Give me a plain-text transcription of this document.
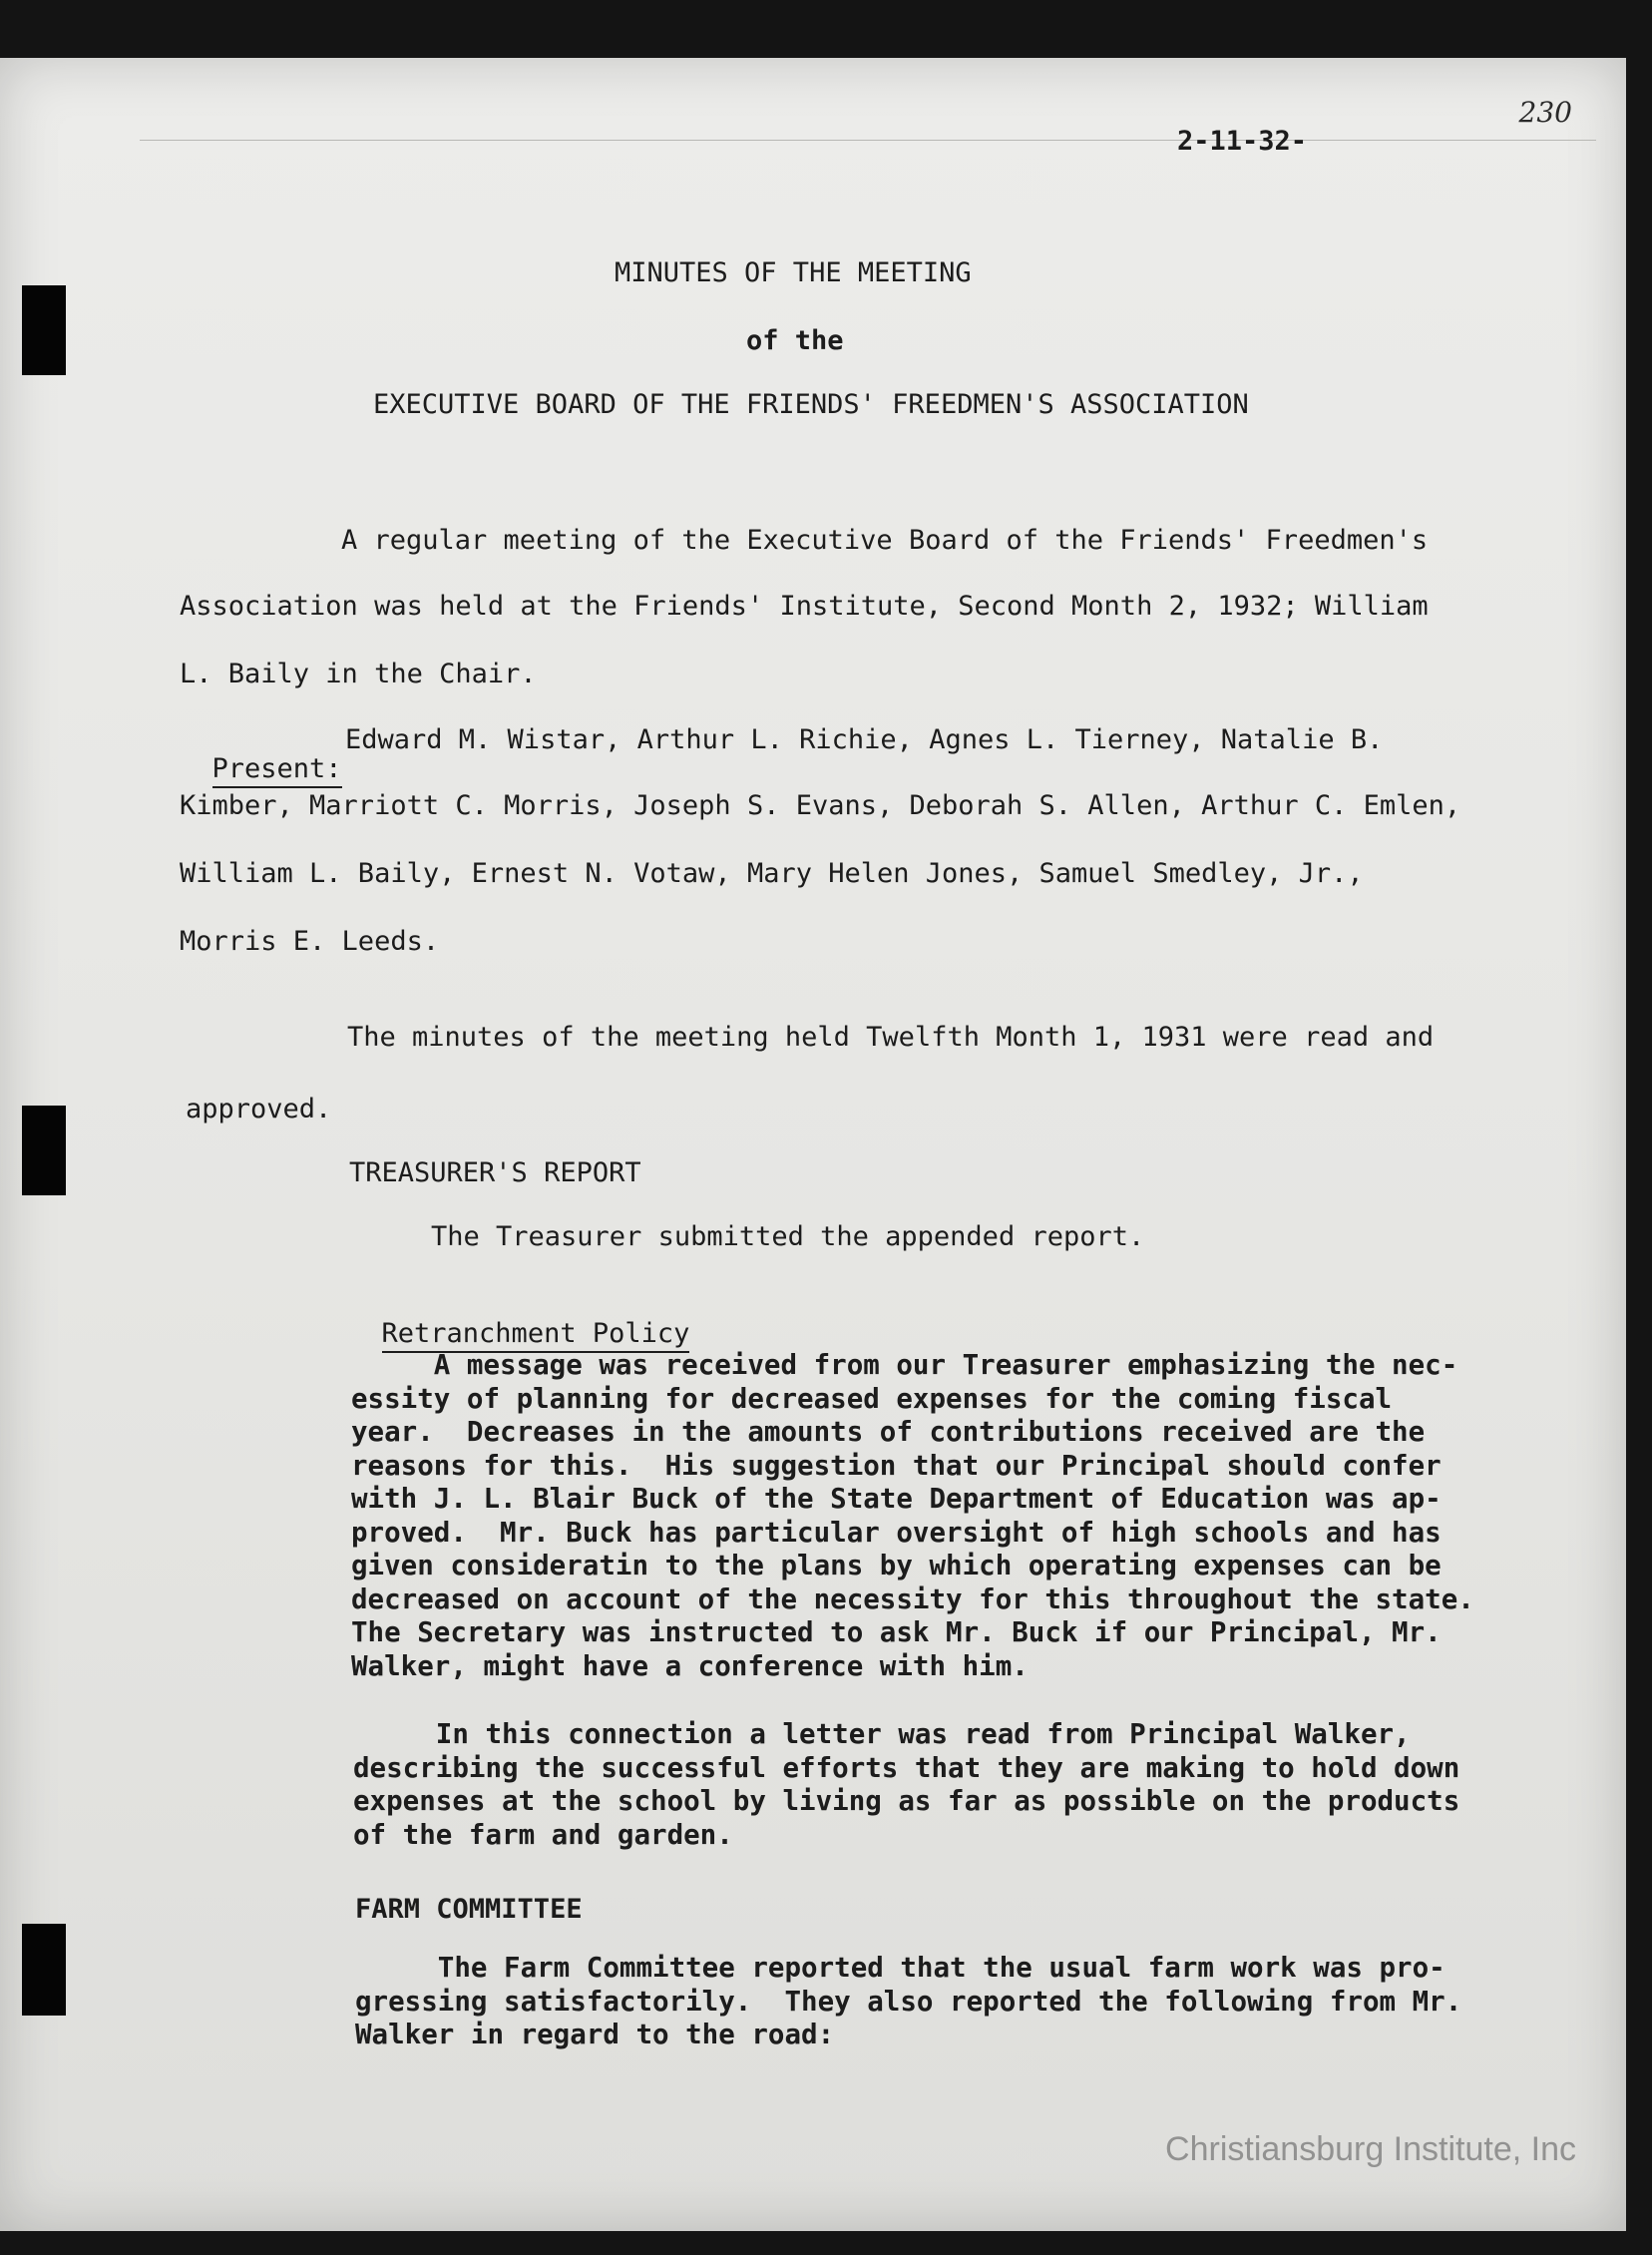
230
2-11-32-
MINUTES OF THE MEETING
of the
EXECUTIVE BOARD OF THE FRIENDS' FREEDMEN'S ASSOCIATION
A regular meeting of the Executive Board of the Friends' Freedmen's
Association was held at the Friends' Institute, Second Month 2, 1932; William
L. Baily in the Chair.

Present:

Edward M. Wistar, Arthur L. Richie, Agnes L. Tierney, Natalie B.
Kimber, Marriott C. Morris, Joseph S. Evans, Deborah S. Allen, Arthur C. Emlen,
William L. Baily, Ernest N. Votaw, Mary Helen Jones, Samuel Smedley, Jr.,
Morris E. Leeds.
The minutes of the meeting held Twelfth Month 1, 1931 were read and
approved.
TREASURER'S REPORT
The Treasurer submitted the appended report.

Retranchment Policy

A message was received from our Treasurer emphasizing the nec-
essity of planning for decreased expenses for the coming fiscal
year.  Decreases in the amounts of contributions received are the
reasons for this.  His suggestion that our Principal should confer
with J. L. Blair Buck of the State Department of Education was ap-
proved.  Mr. Buck has particular oversight of high schools and has
given consideratin to the plans by which operating expenses can be
decreased on account of the necessity for this throughout the state.
The Secretary was instructed to ask Mr. Buck if our Principal, Mr.
Walker, might have a conference with him.
In this connection a letter was read from Principal Walker,
describing the successful efforts that they are making to hold down
expenses at the school by living as far as possible on the products
of the farm and garden.
FARM COMMITTEE
The Farm Committee reported that the usual farm work was pro-
gressing satisfactorily.  They also reported the following from Mr.
Walker in regard to the road:
Christiansburg Institute, Inc
